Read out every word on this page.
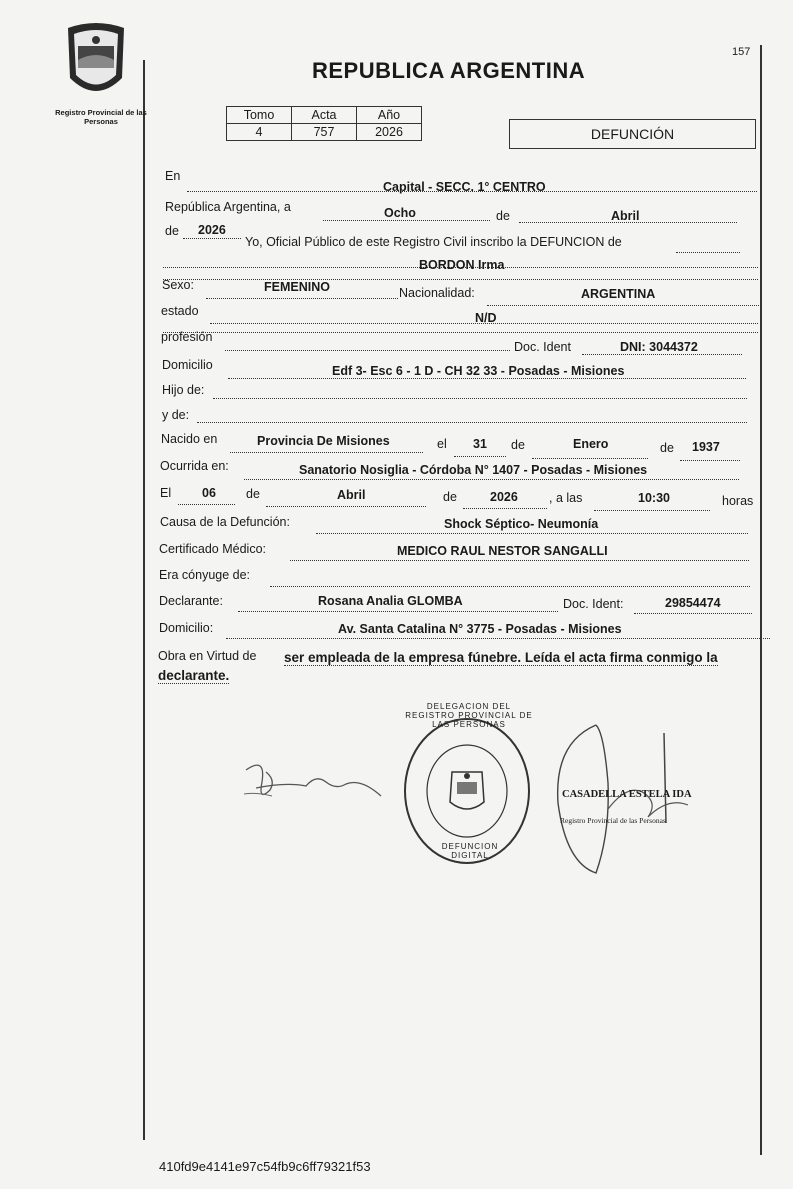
Registro Provincial de las Personas
157
REPUBLICA ARGENTINA
Tomo	Acta	Año
4	757	2026	DEFUNCIÓN
En
Capital - SECC. 1° CENTRO
República Argentina, a	Ocho	de	Abril
de 2026
Yo, Oficial Público de este Registro Civil inscribo la DEFUNCION de
BORDON Irma
Sexo:	FEMENINO	Nacionalidad:	ARGENTINA
estado	N/D
profesión
Doc. Ident	DNI: 3044372
Domicilio	Edf 3- Esc 6 - 1 D - CH 32 33 - Posadas - Misiones
Hijo de:
y de:
Nacido en	Provincia De Misiones	el 31 de	Enero	de 1937
Ocurrida en:	Sanatorio Nosiglia - Córdoba N° 1407 - Posadas - Misiones
El 06 de	Abril	de	2026 , a las	10:30	horas
Causa de la Defunción:	Shock Séptico- Neumonía
Certificado Médico:	MEDICO RAUL NESTOR SANGALLI
Era cónyuge de:
Declarante:	Rosana Analia GLOMBA	Doc. Ident:	29854474
Domicilio:	Av. Santa Catalina N° 3775 - Posadas - Misiones
Obra en Virtud de ser empleada de la empresa fúnebre. Leída el acta firma conmigo la
declarante.
DELEGACION DEL REGISTRO PROVINCIAL DE LAS PERSONAS
DEFUNCION DIGITAL
CASADELLA ESTELA IDA
Registro Provincial de las Personas
410fd9e4141e97c54fb9c6ff79321f53
